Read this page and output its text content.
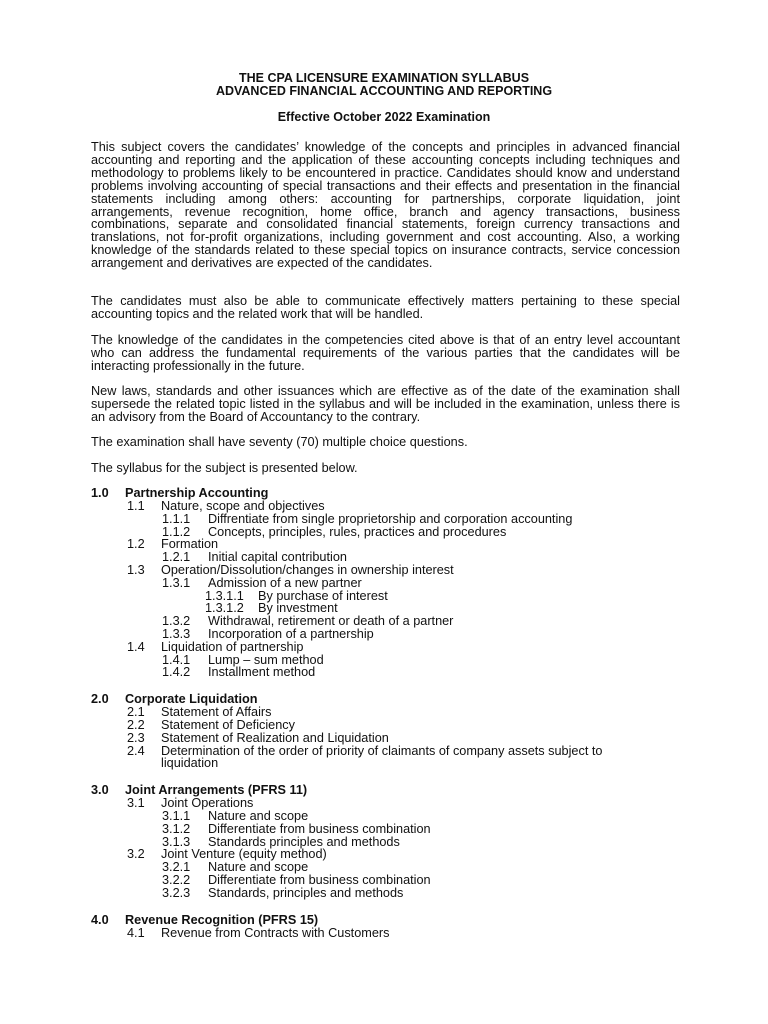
THE CPA LICENSURE EXAMINATION SYLLABUS
ADVANCED FINANCIAL ACCOUNTING AND REPORTING
Effective October 2022 Examination

This subject covers the candidates’ knowledge of the concepts and principles in advanced financial accounting and reporting and the application of these accounting concepts including techniques and methodology to problems likely to be encountered in practice. Candidates should know and understand problems involving accounting of special transactions and their effects and presentation in the financial statements including among others: accounting for partnerships, corporate liquidation, joint arrangements, revenue recognition, home office, branch and agency transactions, business combinations, separate and consolidated financial statements, foreign currency transactions and translations, not for-profit organizations, including government and cost accounting. Also, a working knowledge of the standards related to these special topics on insurance contracts, service concession arrangement and derivatives are expected of the candidates.

The candidates must also be able to communicate effectively matters pertaining to these special accounting topics and the related work that will be handled.

The knowledge of the candidates in the competencies cited above is that of an entry level accountant who can address the fundamental requirements of the various parties that the candidates will be interacting professionally in the future.

New laws, standards and other issuances which are effective as of the date of the examination shall supersede the related topic listed in the syllabus and will be included in the examination, unless there is an advisory from the Board of Accountancy to the contrary.

The examination shall have seventy (70) multiple choice questions.

The syllabus for the subject is presented below.

1.0 Partnership Accounting
1.1 Nature, scope and objectives
1.1.1 Diffrentiate from single proprietorship and corporation accounting
1.1.2 Concepts, principles, rules, practices and procedures
1.2 Formation
1.2.1 Initial capital contribution
1.3 Operation/Dissolution/changes in ownership interest
1.3.1 Admission of a new partner
1.3.1.1 By purchase of interest
1.3.1.2 By investment
1.3.2 Withdrawal, retirement or death of a partner
1.3.3 Incorporation of a partnership
1.4 Liquidation of partnership
1.4.1 Lump – sum method
1.4.2 Installment method
2.0 Corporate Liquidation
2.1 Statement of Affairs
2.2 Statement of Deficiency
2.3 Statement of Realization and Liquidation
2.4 Determination of the order of priority of claimants of company assets subject to liquidation
3.0 Joint Arrangements (PFRS 11)
3.1 Joint Operations
3.1.1 Nature and scope
3.1.2 Differentiate from business combination
3.1.3 Standards principles and methods
3.2 Joint Venture (equity method)
3.2.1 Nature and scope
3.2.2 Differentiate from business combination
3.2.3 Standards, principles and methods
4.0 Revenue Recognition (PFRS 15)
4.1 Revenue from Contracts with Customers
